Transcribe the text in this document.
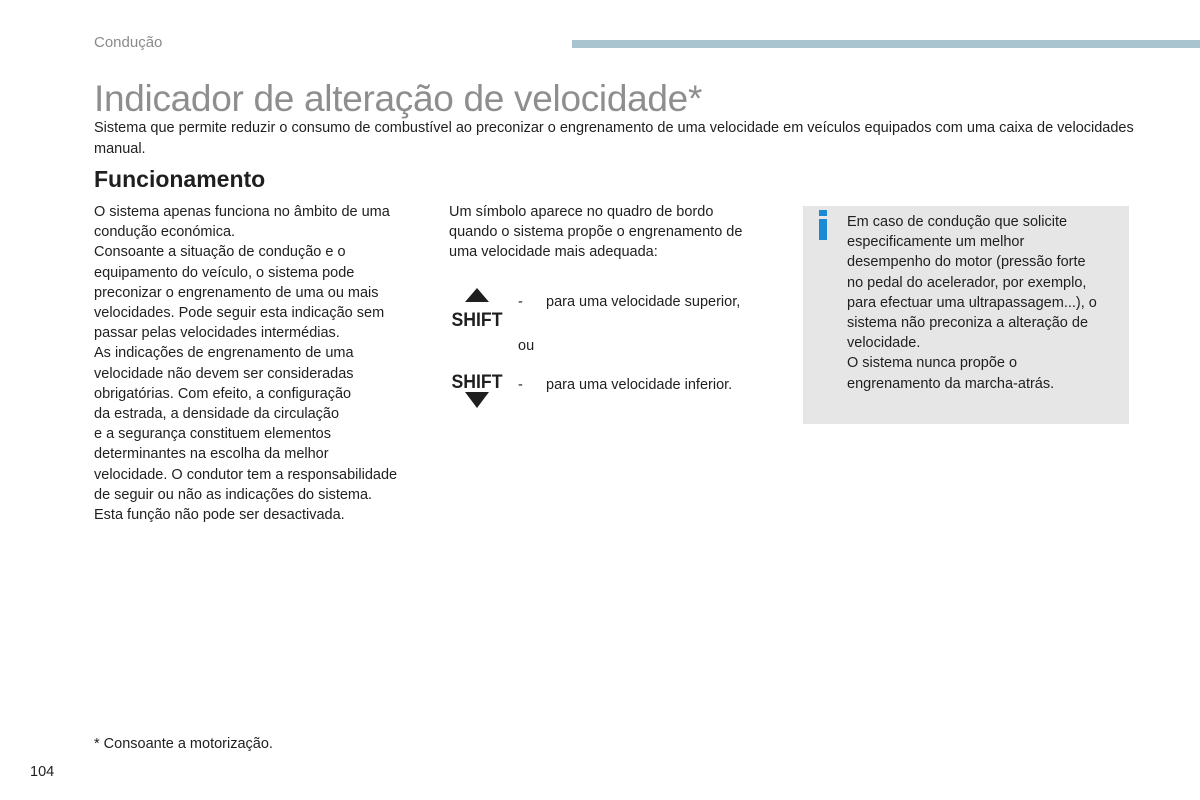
Condução
Indicador de alteração de velocidade*
Sistema que permite reduzir o consumo de combustível ao preconizar o engrenamento de uma velocidade em veículos equipados com uma caixa de velocidades manual.
Funcionamento

O sistema apenas funciona no âmbito de uma
condução económica.

Consoante a situação de condução e o
equipamento do veículo, o sistema pode
preconizar o engrenamento de uma ou mais
velocidades. Pode seguir esta indicação sem
passar pelas velocidades intermédias.

As indicações de engrenamento de uma
velocidade não devem ser consideradas
obrigatórias. Com efeito, a configuração
da estrada, a densidade da circulação
e a segurança constituem elementos
determinantes na escolha da melhor
velocidade. O condutor tem a responsabilidade
de seguir ou não as indicações do sistema.
Esta função não pode ser desactivada.

Um símbolo aparece no quadro de bordo
quando o sistema propõe o engrenamento de
uma velocidade mais adequada:
SHIFT
- para uma velocidade superior,
ou
SHIFT - para uma velocidade inferior.
Em caso de condução que solicite
especificamente um melhor
desempenho do motor (pressão forte
no pedal do acelerador, por exemplo,
para efectuar uma ultrapassagem...), o
sistema não preconiza a alteração de
velocidade.
O sistema nunca propõe o
engrenamento da marcha-atrás.
* Consoante a motorização.
104
